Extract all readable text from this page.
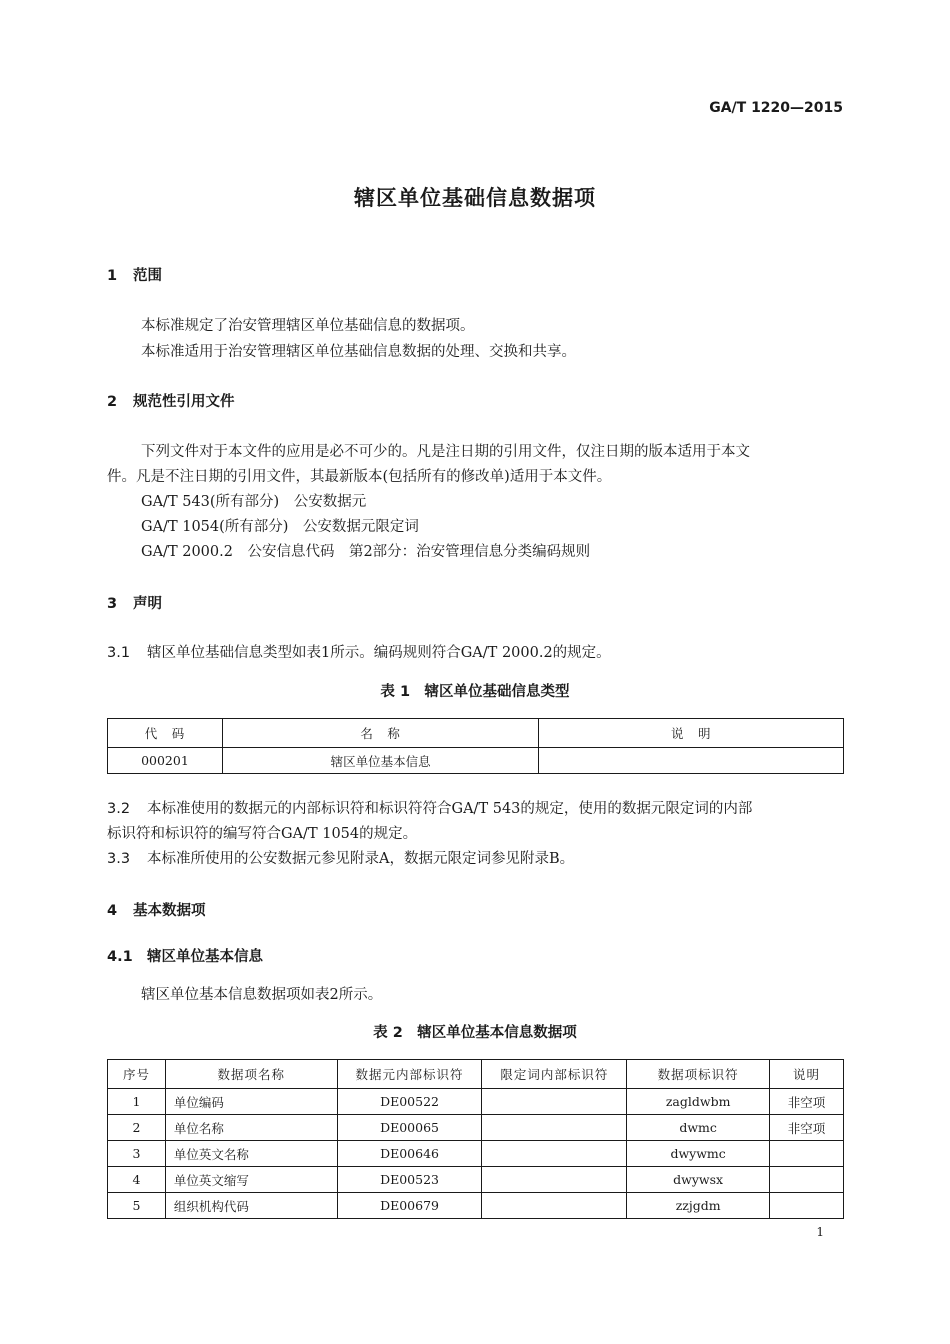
GA/T 1220—2015
辖区单位基础信息数据项
1 范围
本标准规定了治安管理辖区单位基础信息的数据项。
本标准适用于治安管理辖区单位基础信息数据的处理、交换和共享。
2 规范性引用文件
下列文件对于本文件的应用是必不可少的。凡是注日期的引用文件，仅注日期的版本适用于本文
件。凡是不注日期的引用文件，其最新版本(包括所有的修改单)适用于本文件。
GA/T 543(所有部分)　公安数据元
GA/T 1054(所有部分)　公安数据元限定词
GA/T 2000.2　公安信息代码　第2部分：治安管理信息分类编码规则
3 声明
3.1 辖区单位基础信息类型如表1所示。编码规则符合GA/T 2000.2的规定。
表 1　辖区单位基础信息类型
代　码	名　称	说　明
000201	辖区单位基本信息	
3.2 本标准使用的数据元的内部标识符和标识符符合GA/T 543的规定，使用的数据元限定词的内部
标识符和标识符的编写符合GA/T 1054的规定。
3.3 本标准所使用的公安数据元参见附录A，数据元限定词参见附录B。
4 基本数据项
4.1 辖区单位基本信息
辖区单位基本信息数据项如表2所示。
表 2　辖区单位基本信息数据项
序号	数据项名称	数据元内部标识符	限定词内部标识符	数据项标识符	说明
1	单位编码	DE00522		zagldwbm	非空项
2	单位名称	DE00065		dwmc	非空项
3	单位英文名称	DE00646		dwywmc	
4	单位英文缩写	DE00523		dwywsx	
5	组织机构代码	DE00679		zzjgdm	
1
